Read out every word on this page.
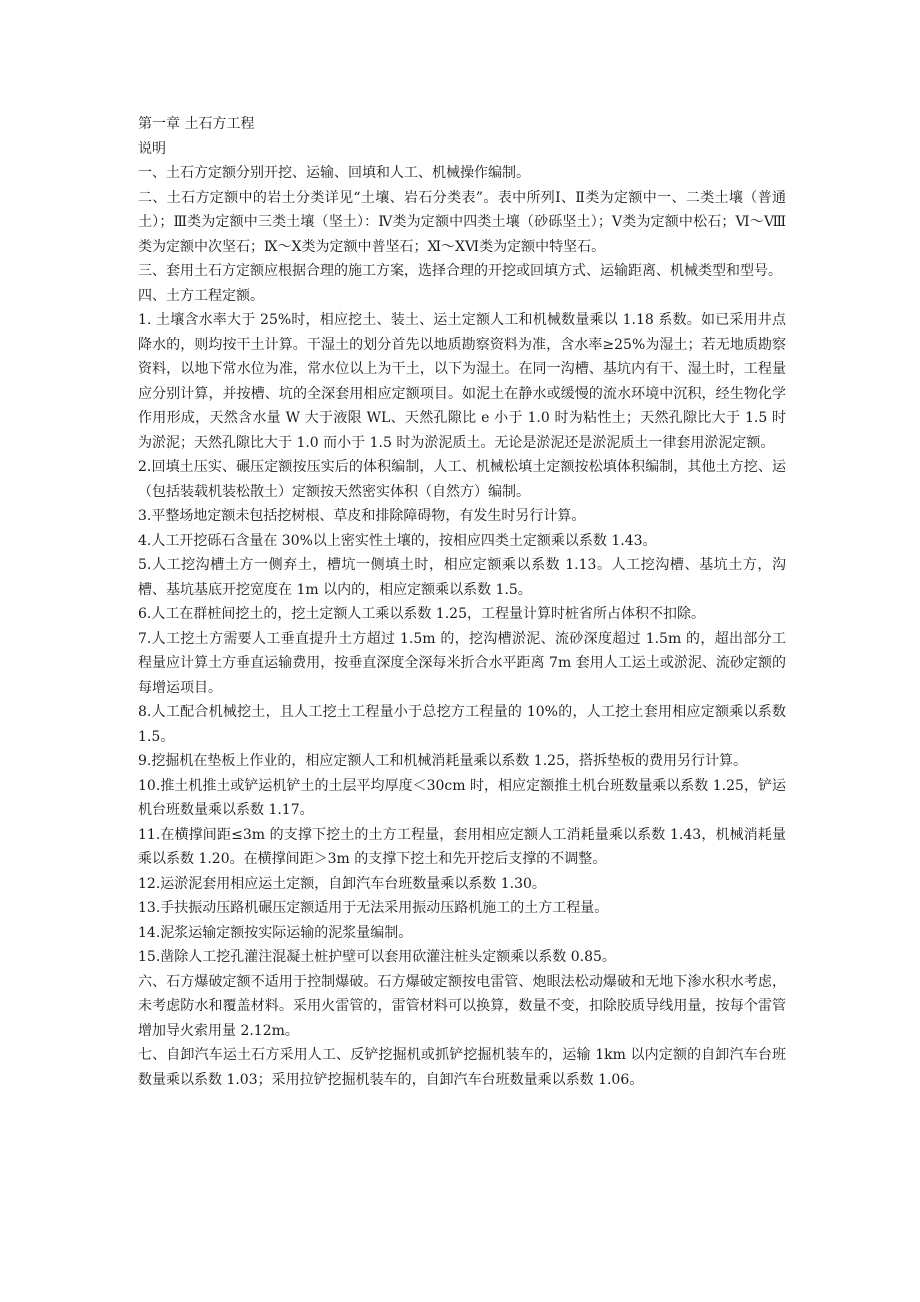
第一章 土石方工程

说明

一、土石方定额分别开挖、运输、回填和人工、机械操作编制。

二、土石方定额中的岩土分类详见“土壤、岩石分类表”。表中所列Ⅰ、Ⅱ类为定额中一、二类土壤（普通土）；Ⅲ类为定额中三类土壤（坚土）：Ⅳ类为定额中四类土壤（砂砾坚土）；Ⅴ类为定额中松石；Ⅵ～Ⅷ类为定额中次坚石；Ⅸ～Ⅹ类为定额中普坚石；Ⅺ～ⅩⅥ类为定额中特坚石。

三、套用土石方定额应根据合理的施工方案，选择合理的开挖或回填方式、运输距离、机械类型和型号。

四、土方工程定额。

1. 土壤含水率大于 25%时，相应挖土、装土、运土定额人工和机械数量乘以 1.18 系数。如已采用井点降水的，则均按干土计算。干湿土的划分首先以地质勘察资料为准，含水率≥25%为湿土；若无地质勘察资料，以地下常水位为准，常水位以上为干土，以下为湿土。在同一沟槽、基坑内有干、湿土时，工程量应分别计算，并按槽、坑的全深套用相应定额项目。如泥土在静水或缓慢的流水环境中沉积，经生物化学作用形成，天然含水量 W 大于液限 WL、天然孔隙比 e 小于 1.0 时为粘性土；天然孔隙比大于 1.5 时为淤泥；天然孔隙比大于 1.0 而小于 1.5 时为淤泥质土。无论是淤泥还是淤泥质土一律套用淤泥定额。

2.回填土压实、碾压定额按压实后的体积编制，人工、机械松填土定额按松填体积编制，其他土方挖、运（包括装载机装松散土）定额按天然密实体积（自然方）编制。

3.平整场地定额未包括挖树根、草皮和排除障碍物，有发生时另行计算。

4.人工开挖砾石含量在 30%以上密实性土壤的，按相应四类土定额乘以系数 1.43。

5.人工挖沟槽土方一侧弃土，槽坑一侧填土时，相应定额乘以系数 1.13。人工挖沟槽、基坑土方，沟槽、基坑基底开挖宽度在 1m 以内的，相应定额乘以系数 1.5。

6.人工在群桩间挖土的，挖土定额人工乘以系数 1.25，工程量计算时桩省所占体积不扣除。

7.人工挖土方需要人工垂直提升土方超过 1.5m 的，挖沟槽淤泥、流砂深度超过 1.5m 的，超出部分工程量应计算土方垂直运输费用，按垂直深度全深每米折合水平距离 7m 套用人工运土或淤泥、流砂定额的每增运项目。

8.人工配合机械挖土，且人工挖土工程量小于总挖方工程量的 10%的，人工挖土套用相应定额乘以系数 1.5。

9.挖掘机在垫板上作业的，相应定额人工和机械消耗量乘以系数 1.25，搭拆垫板的费用另行计算。

10.推土机推土或铲运机铲土的土层平均厚度＜30cm 时，相应定额推土机台班数量乘以系数 1.25，铲运机台班数量乘以系数 1.17。

11.在横撑间距≤3m 的支撑下挖土的土方工程量，套用相应定额人工消耗量乘以系数 1.43，机械消耗量乘以系数 1.20。在横撑间距＞3m 的支撑下挖土和先开挖后支撑的不调整。

12.运淤泥套用相应运土定额，自卸汽车台班数量乘以系数 1.30。

13.手扶振动压路机碾压定额适用于无法采用振动压路机施工的土方工程量。

14.泥浆运输定额按实际运输的泥浆量编制。

15.凿除人工挖孔灌注混凝土桩护壁可以套用砍灌注桩头定额乘以系数 0.85。

六、石方爆破定额不适用于控制爆破。石方爆破定额按电雷管、炮眼法松动爆破和无地下渗水积水考虑，未考虑防水和覆盖材料。采用火雷管的，雷管材料可以换算，数量不变，扣除胶质导线用量，按每个雷管增加导火索用量 2.12m。

七、自卸汽车运土石方采用人工、反铲挖掘机或抓铲挖掘机装车的，运输 1km 以内定额的自卸汽车台班数量乘以系数 1.03；采用拉铲挖掘机装车的，自卸汽车台班数量乘以系数 1.06。
